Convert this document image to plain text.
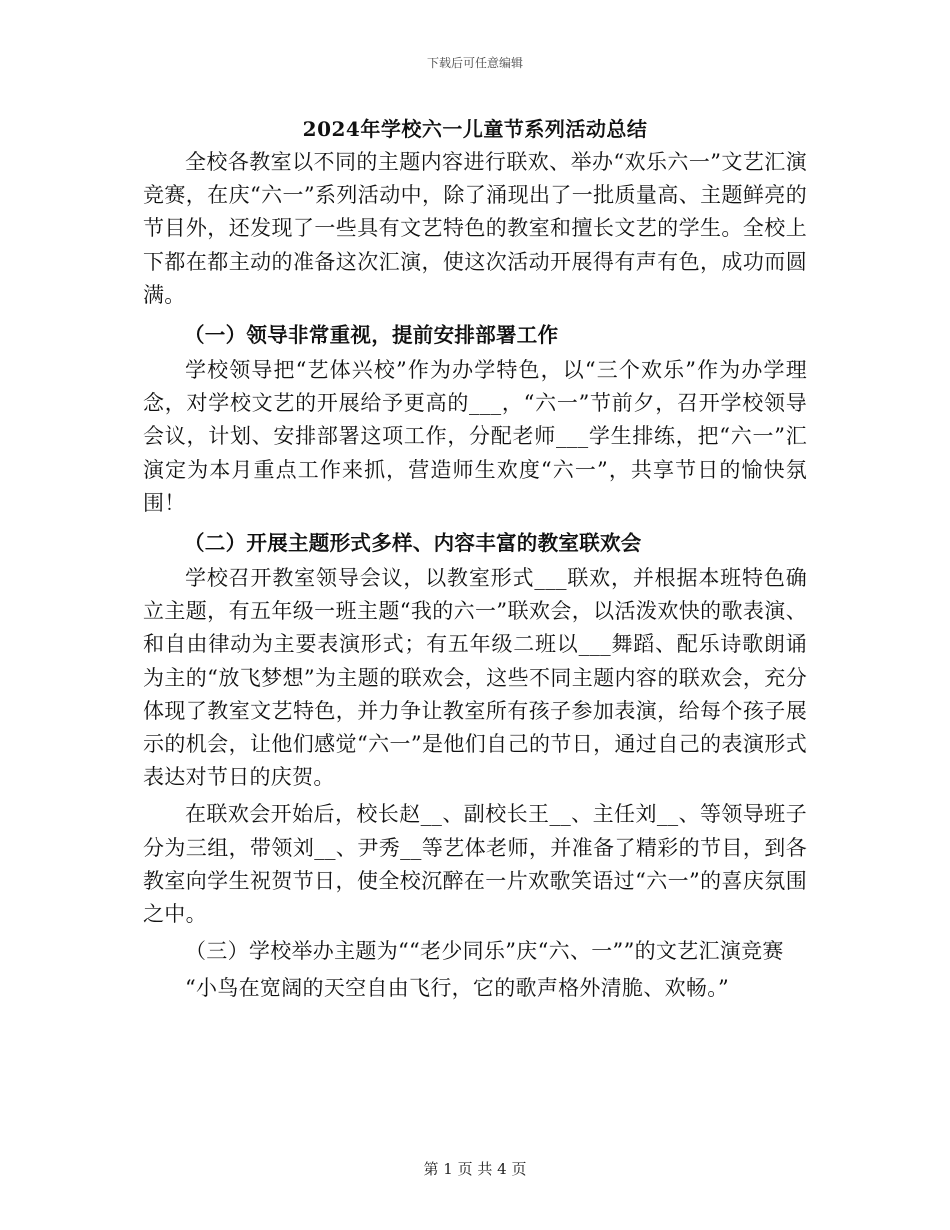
下载后可任意编辑
2024年学校六一儿童节系列活动总结

全校各教室以不同的主题内容进行联欢、举办“欢乐六一”文艺汇演竞赛，在庆“六一”系列活动中，除了涌现出了一批质量高、主题鲜亮的节目外，还发现了一些具有文艺特色的教室和擅长文艺的学生。全校上下都在都主动的准备这次汇演，使这次活动开展得有声有色，成功而圆满。

（一）领导非常重视，提前安排部署工作

学校领导把“艺体兴校”作为办学特色，以“三个欢乐”作为办学理念，对学校文艺的开展给予更高的___，“六一”节前夕，召开学校领导会议，计划、安排部署这项工作，分配老师___学生排练，把“六一”汇演定为本月重点工作来抓，营造师生欢度“六一”，共享节日的愉快氛围！

（二）开展主题形式多样、内容丰富的教室联欢会

学校召开教室领导会议，以教室形式___联欢，并根据本班特色确立主题，有五年级一班主题“我的六一”联欢会，以活泼欢快的歌表演、和自由律动为主要表演形式；有五年级二班以___舞蹈、配乐诗歌朗诵为主的“放飞梦想”为主题的联欢会，这些不同主题内容的联欢会，充分体现了教室文艺特色，并力争让教室所有孩子参加表演，给每个孩子展示的机会，让他们感觉“六一”是他们自己的节日，通过自己的表演形式表达对节日的庆贺。

在联欢会开始后，校长赵__、副校长王__、主任刘__、等领导班子分为三组，带领刘__、尹秀__等艺体老师，并准备了精彩的节目，到各教室向学生祝贺节日，使全校沉醉在一片欢歌笑语过“六一”的喜庆氛围之中。

（三）学校举办主题为““老少同乐”庆“六、一””的文艺汇演竞赛

“小鸟在宽阔的天空自由飞行，它的歌声格外清脆、欢畅。”

第 1 页 共 4 页
